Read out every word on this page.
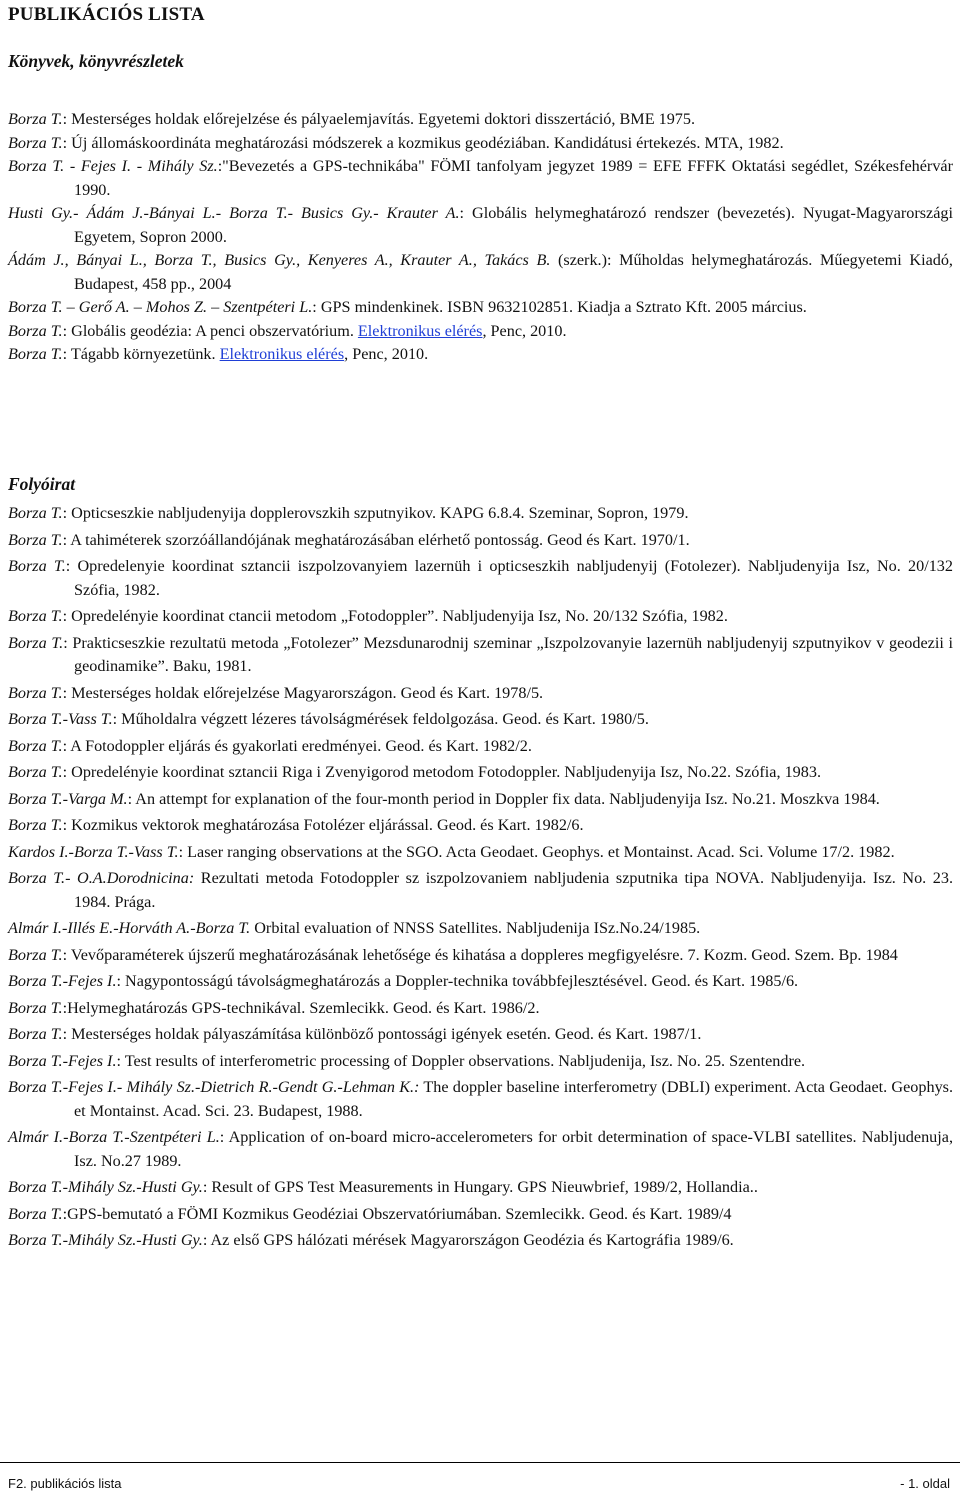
PUBLIKÁCIÓS LISTA
Könyvek, könyvrészletek
Borza T.: Mesterséges holdak előrejelzése és pályaelemjavítás. Egyetemi doktori disszertáció, BME 1975.
Borza T.: Új állomáskoordináta meghatározási módszerek a kozmikus geodéziában. Kandidátusi értekezés. MTA, 1982.
Borza T. - Fejes I. - Mihály Sz.:"Bevezetés a GPS-technikába" FÖMI tanfolyam jegyzet 1989 = EFE FFFK Oktatási segédlet, Székesfehérvár 1990.
Husti Gy.- Ádám J.-Bányai L.- Borza T.- Busics Gy.- Krauter A.: Globális helymeghatározó rendszer (bevezetés). Nyugat-Magyarországi Egyetem, Sopron 2000.
Ádám J., Bányai L., Borza T., Busics Gy., Kenyeres A., Krauter A., Takács B. (szerk.): Műholdas helymeghatározás. Műegyetemi Kiadó, Budapest, 458 pp., 2004
Borza T. – Gerő A. – Mohos Z. – Szentpéteri L.: GPS mindenkinek. ISBN 9632102851. Kiadja a Sztrato Kft. 2005 március.
Borza T.: Globális geodézia: A penci obszervatórium. Elektronikus elérés, Penc, 2010.
Borza T.: Tágabb környezetünk. Elektronikus elérés, Penc, 2010.
Folyóirat
Borza T.: Opticseszkie nabljudenyija dopplerovszkih szputnyikov. KAPG 6.8.4. Szeminar, Sopron, 1979.
Borza T.: A tahiméterek szorzóállandójának meghatározásában elérhető pontosság. Geod és Kart. 1970/1.
Borza T.: Opredelenyie koordinat sztancii iszpolzovanyiem lazernüh i opticseszkih nabljudenyij (Fotolezer). Nabljudenyija Isz, No. 20/132 Szófia, 1982.
Borza T.: Opredelényie koordinat ctancii metodom „Fotodoppler”. Nabljudenyija Isz, No. 20/132 Szófia, 1982.
Borza T.: Prakticseszkie rezultatü metoda „Fotolezer” Mezsdunarodnij szeminar „Iszpolzovanyie lazernüh nabljudenyij szputnyikov v geodezii i geodinamike”. Baku, 1981.
Borza T.: Mesterséges holdak előrejelzése Magyarországon. Geod és Kart. 1978/5.
Borza T.-Vass T.: Műholdalra végzett lézeres távolságmérések feldolgozása. Geod. és Kart. 1980/5.
Borza T.: A Fotodoppler eljárás és gyakorlati eredményei. Geod. és Kart. 1982/2.
Borza T.: Opredelényie koordinat sztancii Riga i Zvenyigorod metodom Fotodoppler. Nabljudenyija Isz, No.22. Szófia, 1983.
Borza T.-Varga M.: An attempt for explanation of the four-month period in Doppler fix data. Nabljudenyija Isz. No.21. Moszkva 1984.
Borza T.: Kozmikus vektorok meghatározása Fotolézer eljárással. Geod. és Kart. 1982/6.
Kardos I.-Borza T.-Vass T.: Laser ranging observations at the SGO. Acta Geodaet. Geophys. et Montainst. Acad. Sci. Volume 17/2. 1982.
Borza T.- O.A.Dorodnicina: Rezultati metoda Fotodoppler sz iszpolzovaniem nabljudenia szputnika tipa NOVA. Nabljudenyija. Isz. No. 23. 1984. Prága.
Almár I.-Illés E.-Horváth A.-Borza T. Orbital evaluation of NNSS Satellites. Nabljudenija ISz.No.24/1985.
Borza T.: Vevőparaméterek újszerű meghatározásának lehetősége és kihatása a doppleres megfigyelésre. 7. Kozm. Geod. Szem. Bp. 1984
Borza T.-Fejes I.: Nagypontosságú távolságmeghatározás a Doppler-technika továbbfejlesztésével. Geod. és Kart. 1985/6.
Borza T.:Helymeghatározás GPS-technikával. Szemlecikk. Geod. és Kart. 1986/2.
Borza T.: Mesterséges holdak pályaszámítása különböző pontossági igények esetén. Geod. és Kart. 1987/1.
Borza T.-Fejes I.: Test results of interferometric processing of Doppler observations. Nabljudenija, Isz. No. 25. Szentendre.
Borza T.-Fejes I.- Mihály Sz.-Dietrich R.-Gendt G.-Lehman K.: The doppler baseline interferometry (DBLI) experiment. Acta Geodaet. Geophys. et Montainst. Acad. Sci. 23. Budapest, 1988.
Almár I.-Borza T.-Szentpéteri L.: Application of on-board micro-accelerometers for orbit determination of space-VLBI satellites. Nabljudenuja, Isz. No.27 1989.
Borza T.-Mihály Sz.-Husti Gy.: Result of GPS Test Measurements in Hungary. GPS Nieuwbrief, 1989/2, Hollandia..
Borza T.:GPS-bemutató a FÖMI Kozmikus Geodéziai Obszervatóriumában. Szemlecikk. Geod. és Kart. 1989/4
Borza T.-Mihály Sz.-Husti Gy.: Az első GPS hálózati mérések Magyarországon Geodézia és Kartográfia 1989/6.
F2. publikációs lista	- 1. oldal
